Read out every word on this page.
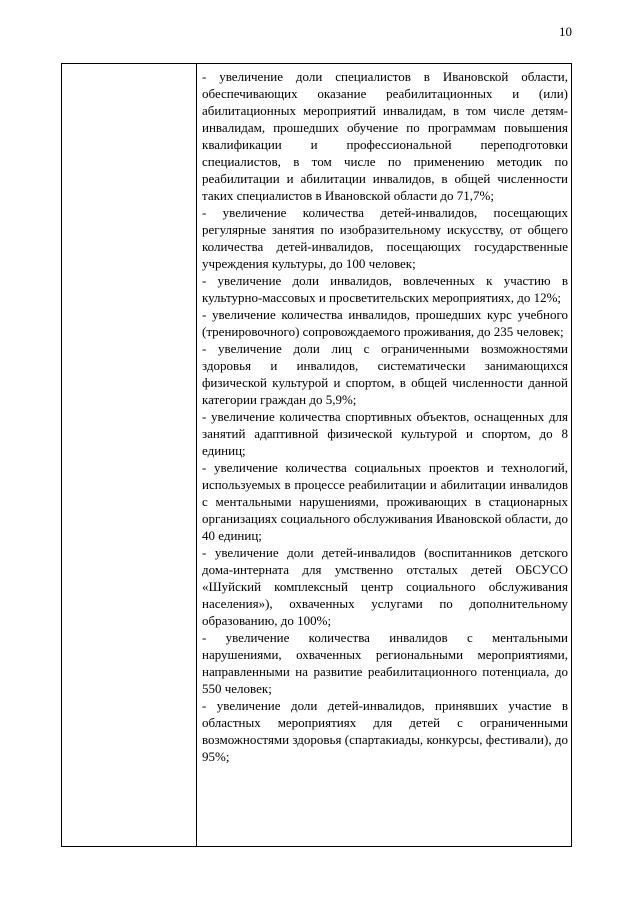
10

- увеличение доли специалистов в Ивановской области, обеспечивающих оказание реабилитационных и (или) абилитационных мероприятий инвалидам, в том числе детям-инвалидам, прошедших обучение по программам повышения квалификации и профессиональной переподготовки специалистов, в том числе по применению методик по реабилитации и абилитации инвалидов, в общей численности таких специалистов в Ивановской области до 71,7%;

- увеличение количества детей-инвалидов, посещающих регулярные занятия по изобразительному искусству, от общего количества детей-инвалидов, посещающих государственные учреждения культуры, до 100 человек;

- увеличение доли инвалидов, вовлеченных к участию в культурно-массовых и просветительских мероприятиях, до 12%;

- увеличение количества инвалидов, прошедших курс учебного (тренировочного) сопровождаемого проживания, до 235 человек;

- увеличение доли лиц с ограниченными возможностями здоровья и инвалидов, систематически занимающихся физической культурой и спортом, в общей численности данной категории граждан до 5,9%;

- увеличение количества спортивных объектов, оснащенных для занятий адаптивной физической культурой и спортом, до 8 единиц;

- увеличение количества социальных проектов и технологий, используемых в процессе реабилитации и абилитации инвалидов с ментальными нарушениями, проживающих в стационарных организациях социального обслуживания Ивановской области, до 40 единиц;

- увеличение доли детей-инвалидов (воспитанников детского дома-интерната для умственно отсталых детей ОБСУСО «Шуйский комплексный центр социального обслуживания населения»), охваченных услугами по дополнительному образованию, до 100%;

- увеличение количества инвалидов с ментальными нарушениями, охваченных региональными мероприятиями, направленными на развитие реабилитационного потенциала, до 550 человек;

- увеличение доли детей-инвалидов, принявших участие в областных мероприятиях для детей с ограниченными возможностями здоровья (спартакиады, конкурсы, фестивали), до 95%;
